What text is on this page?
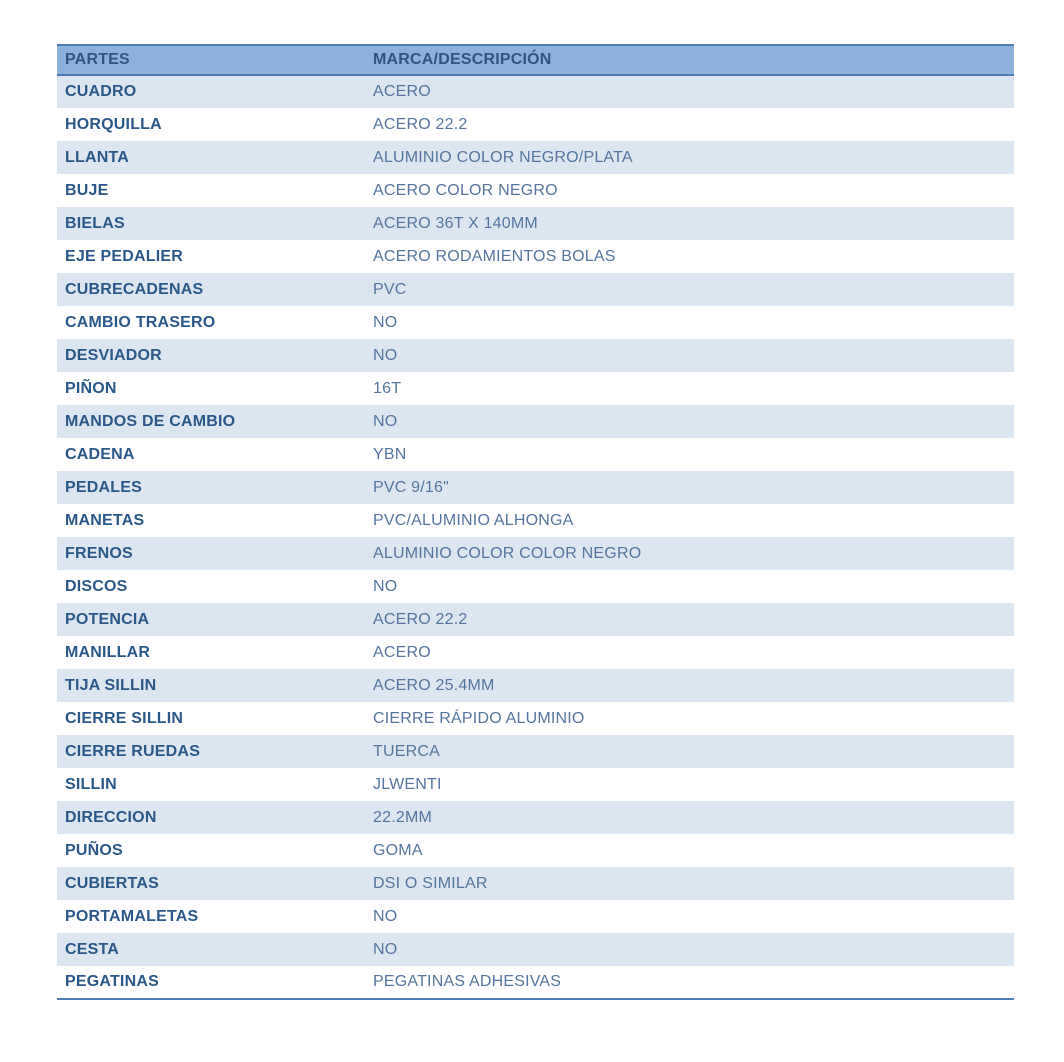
PARTES	MARCA/DESCRIPCIÓN
CUADRO	ACERO
HORQUILLA	ACERO 22.2
LLANTA	ALUMINIO COLOR NEGRO/PLATA
BUJE	ACERO COLOR NEGRO
BIELAS	ACERO 36T X 140MM
EJE PEDALIER	ACERO RODAMIENTOS BOLAS
CUBRECADENAS	PVC
CAMBIO TRASERO	NO
DESVIADOR	NO
PIÑON	16T
MANDOS DE CAMBIO	NO
CADENA	YBN
PEDALES	PVC 9/16"
MANETAS	PVC/ALUMINIO ALHONGA
FRENOS	ALUMINIO COLOR COLOR NEGRO
DISCOS	NO
POTENCIA	ACERO 22.2
MANILLAR	ACERO
TIJA SILLIN	ACERO 25.4MM
CIERRE SILLIN	CIERRE RÁPIDO ALUMINIO
CIERRE RUEDAS	TUERCA
SILLIN	JLWENTI
DIRECCION	22.2MM
PUÑOS	GOMA
CUBIERTAS	DSI O SIMILAR
PORTAMALETAS	NO
CESTA	NO
PEGATINAS	PEGATINAS ADHESIVAS
